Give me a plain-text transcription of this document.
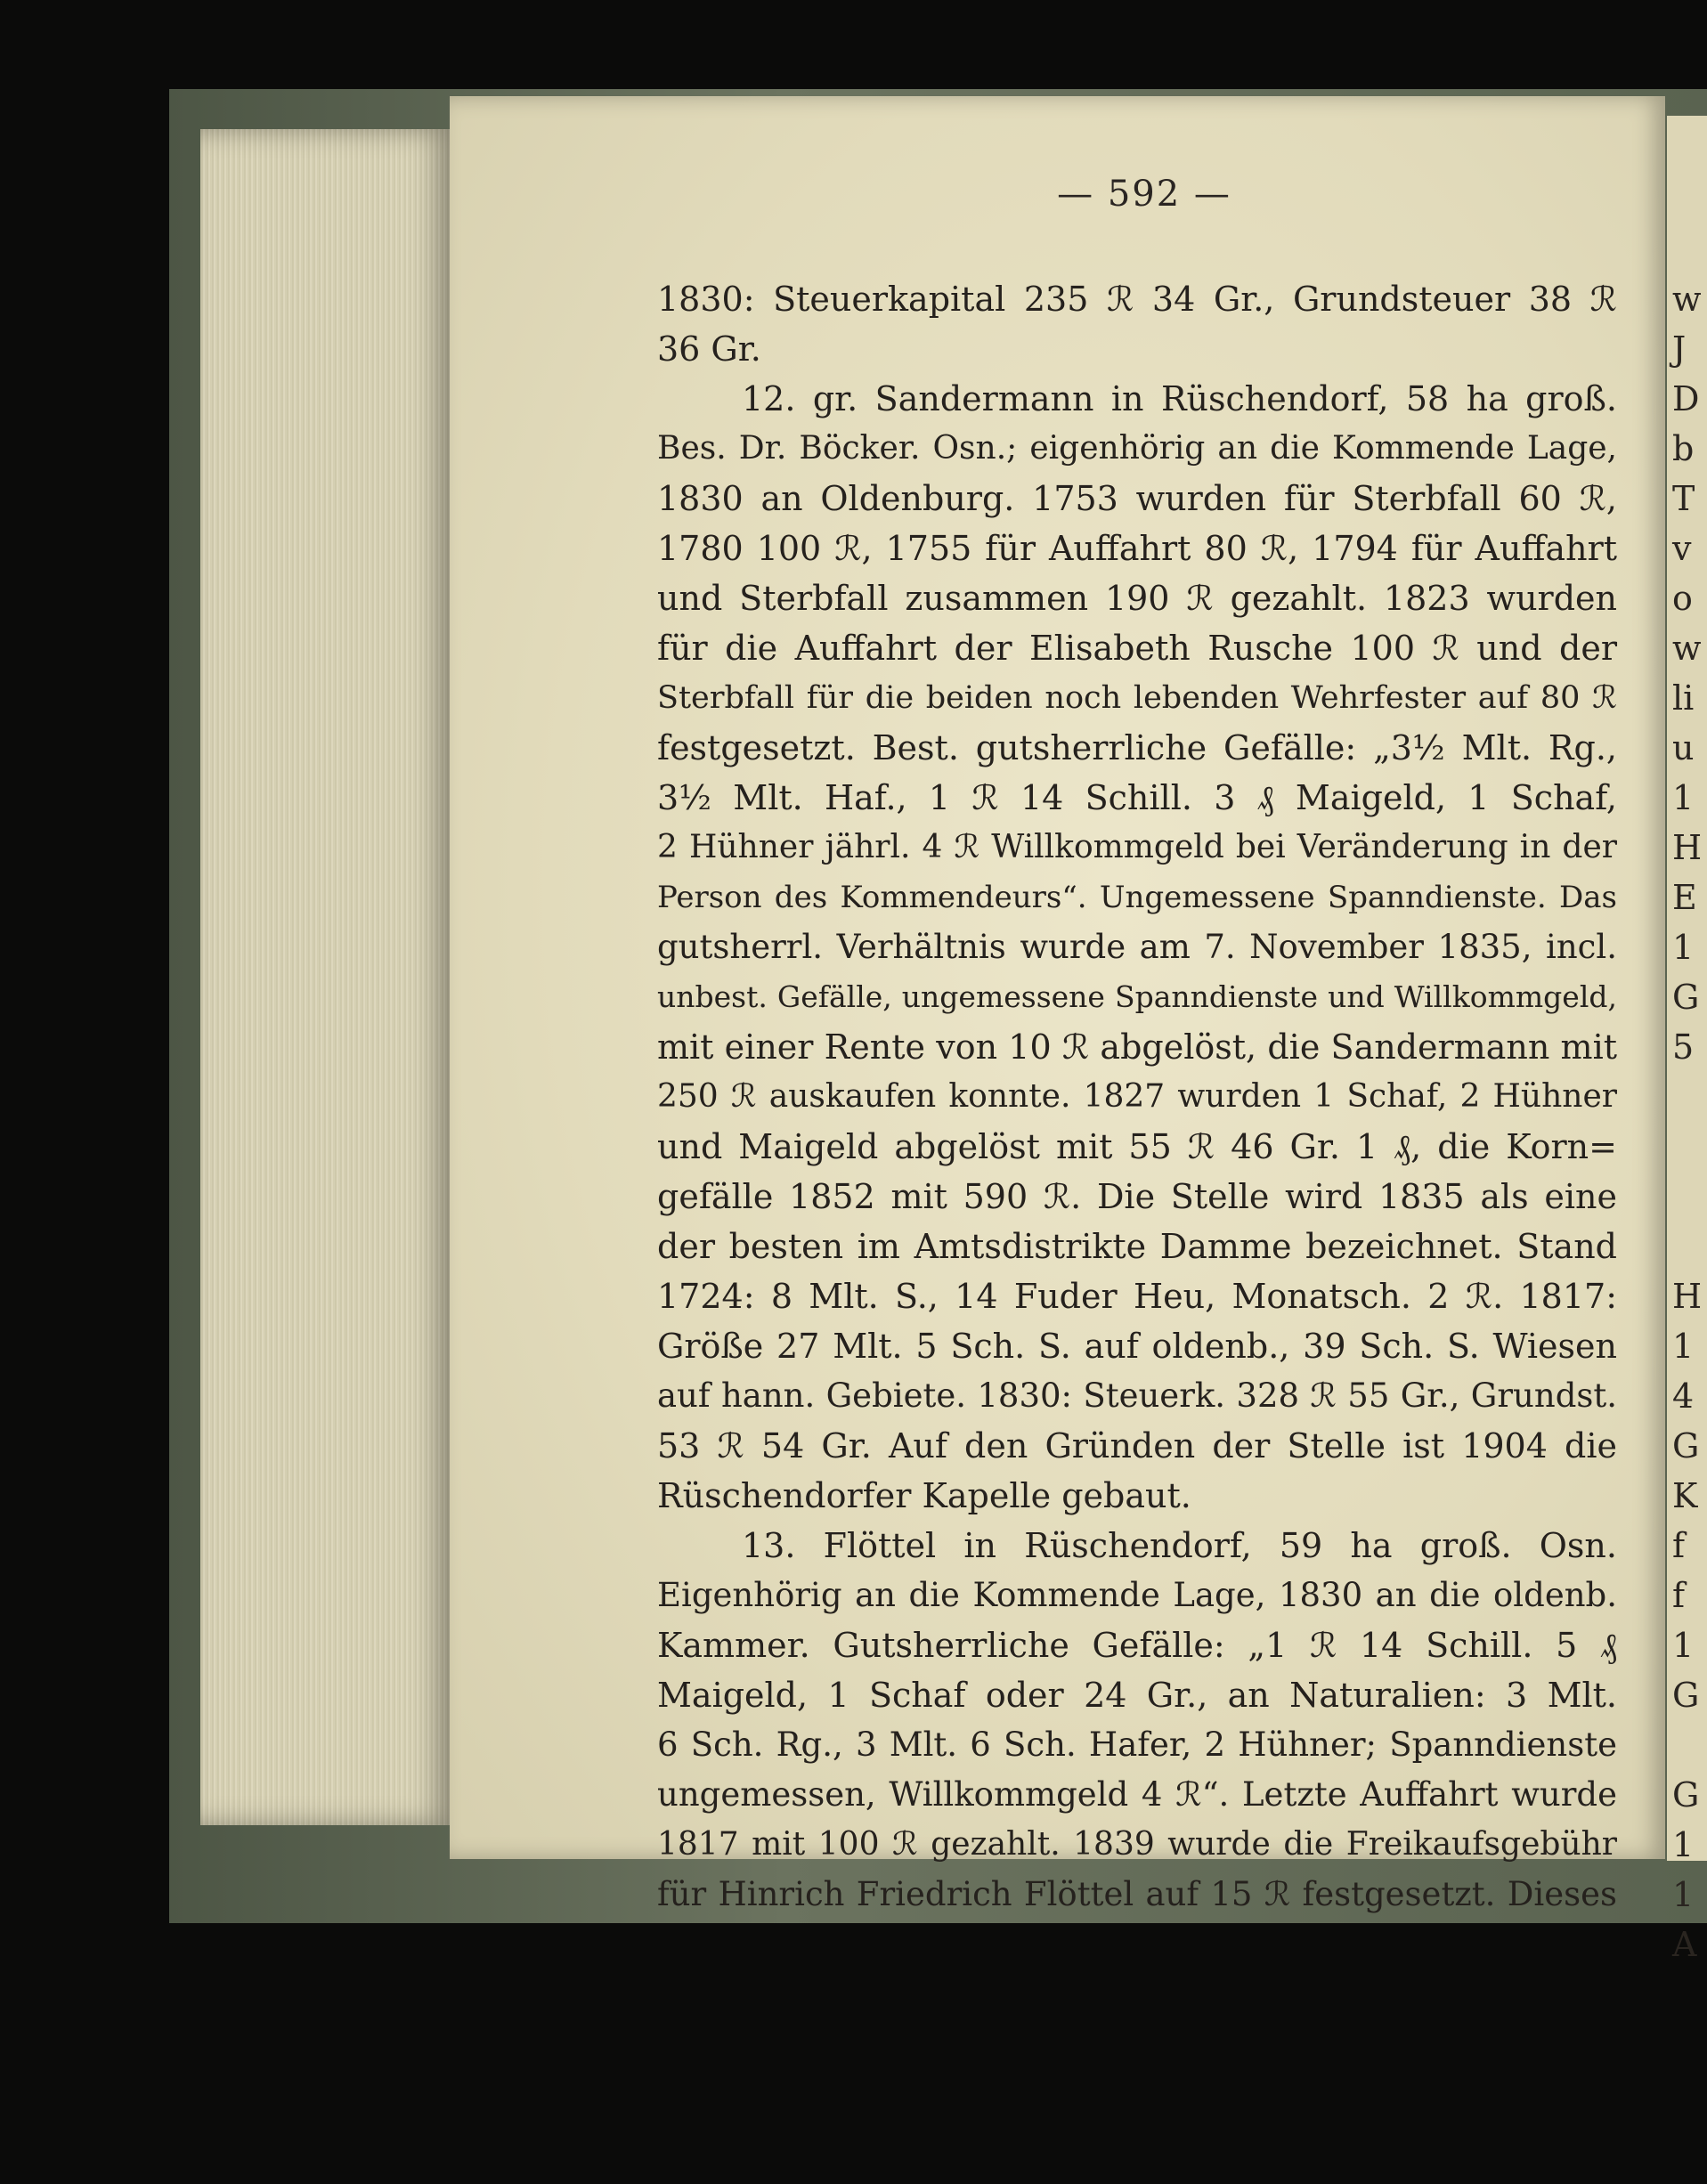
w
J
D
b
T
v
o
w
li
u
1
H
E
1
G
5
H
1
4
G
K
f
f
1
G
G
1
1
A
— 592 —
1830: Steuerkapital 235 ℛ 34 Gr., Grundsteuer 38 ℛ
36 Gr.
12. gr. Sandermann in Rüschendorf, 58 ha groß.
Bes. Dr. Böcker. Osn.; eigenhörig an die Kommende Lage,
1830 an Oldenburg. 1753 wurden für Sterbfall 60 ℛ,
1780 100 ℛ, 1755 für Auffahrt 80 ℛ, 1794 für Auffahrt
und Sterbfall zusammen 190 ℛ gezahlt. 1823 wurden
für die Auffahrt der Elisabeth Rusche 100 ℛ und der
Sterbfall für die beiden noch lebenden Wehrfester auf 80 ℛ
festgesetzt. Best. gutsherrliche Gefälle: „3½ Mlt. Rg.,
3½ Mlt. Haf., 1 ℛ 14 Schill. 3 ₰ Maigeld, 1 Schaf,
2 Hühner jährl. 4 ℛ Willkommgeld bei Veränderung in der
Person des Kommendeurs“. Ungemessene Spanndienste. Das
gutsherrl. Verhältnis wurde am 7. November 1835, incl.
unbest. Gefälle, ungemessene Spanndienste und Willkommgeld,
mit einer Rente von 10 ℛ abgelöst, die Sandermann mit
250 ℛ auskaufen konnte. 1827 wurden 1 Schaf, 2 Hühner
und Maigeld abgelöst mit 55 ℛ 46 Gr. 1 ₰, die Korn=
gefälle 1852 mit 590 ℛ. Die Stelle wird 1835 als eine
der besten im Amtsdistrikte Damme bezeichnet. Stand
1724: 8 Mlt. S., 14 Fuder Heu, Monatsch. 2 ℛ. 1817:
Größe 27 Mlt. 5 Sch. S. auf oldenb., 39 Sch. S. Wiesen
auf hann. Gebiete. 1830: Steuerk. 328 ℛ 55 Gr., Grundst.
53 ℛ 54 Gr. Auf den Gründen der Stelle ist 1904 die
Rüschendorfer Kapelle gebaut.
13. Flöttel in Rüschendorf, 59 ha groß. Osn.
Eigenhörig an die Kommende Lage, 1830 an die oldenb.
Kammer. Gutsherrliche Gefälle: „1 ℛ 14 Schill. 5 ₰
Maigeld, 1 Schaf oder 24 Gr., an Naturalien: 3 Mlt.
6 Sch. Rg., 3 Mlt. 6 Sch. Hafer, 2 Hühner; Spanndienste
ungemessen, Willkommgeld 4 ℛ“. Letzte Auffahrt wurde
1817 mit 100 ℛ gezahlt. 1839 wurde die Freikaufsgebühr
für Hinrich Friedrich Flöttel auf 15 ℛ festgesetzt. Dieses
